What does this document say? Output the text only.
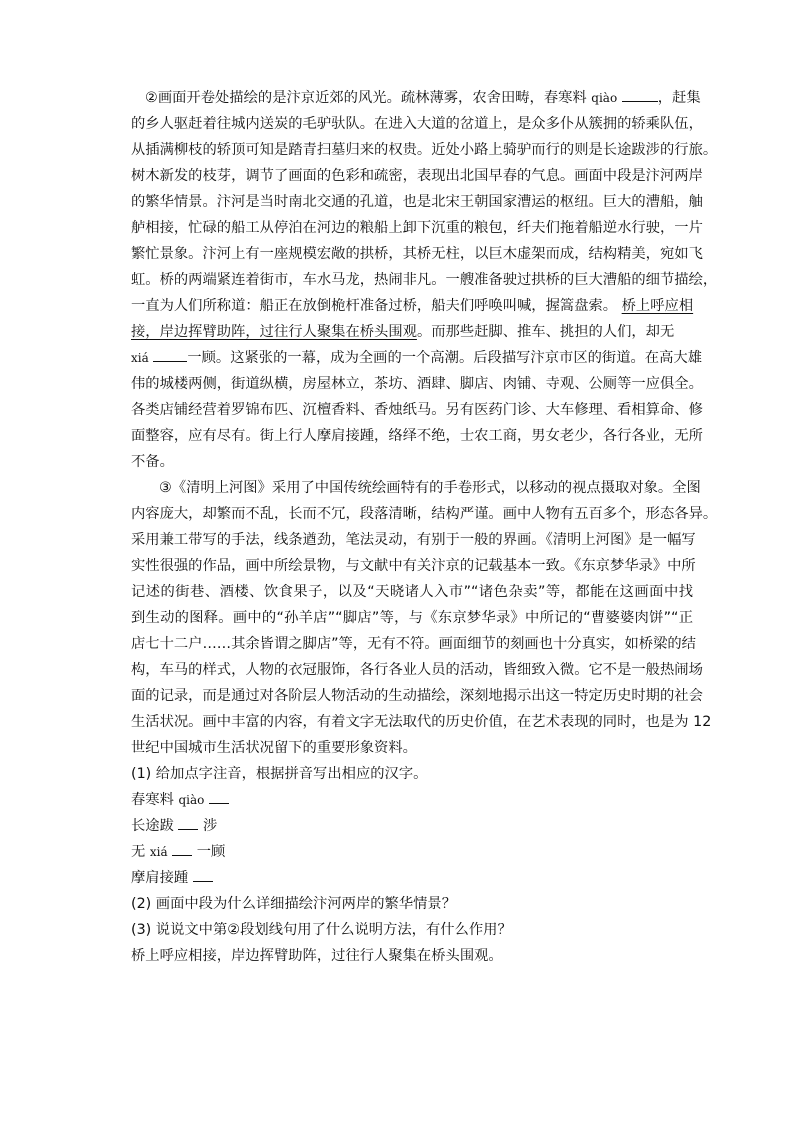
②画面开卷处描绘的是汴京近郊的风光。疏林薄雾，农舍田畴，春寒料 qiào	，赶集
的乡人驱赶着往城内送炭的毛驴驮队。在进入大道的岔道上，是众多仆从簇拥的轿乘队伍，
从插满柳枝的轿顶可知是踏青扫墓归来的权贵。近处小路上骑驴而行的则是长途跋涉的行旅。
树木新发的枝芽，调节了画面的色彩和疏密，表现出北国早春的气息。画面中段是汴河两岸
的繁华情景。汴河是当时南北交通的孔道，也是北宋王朝国家漕运的枢纽。巨大的漕船，舳
舻相接，忙碌的船工从停泊在河边的粮船上卸下沉重的粮包，纤夫们拖着船逆水行驶，一片
繁忙景象。汴河上有一座规模宏敞的拱桥，其桥无柱，以巨木虚架而成，结构精美，宛如飞
虹。桥的两端紧连着街市，车水马龙，热闹非凡。一艘准备驶过拱桥的巨大漕船的细节描绘，
一直为人们所称道：船正在放倒桅杆准备过桥，船夫们呼唤叫喊，握篙盘索。 桥上呼应相
接，岸边挥臂助阵，过往行人聚集在桥头围观。而那些赶脚、推车、挑担的人们，却无
xiá	一顾。这紧张的一幕，成为全画的一个高潮。后段描写汴京市区的街道。在高大雄
伟的城楼两侧，街道纵横，房屋林立，茶坊、酒肆、脚店、肉铺、寺观、公厕等一应俱全。
各类店铺经营着罗锦布匹、沉檀香料、香烛纸马。另有医药门诊、大车修理、看相算命、修
面整容，应有尽有。街上行人摩肩接踵，络绎不绝，士农工商，男女老少，各行各业，无所
不备。
③《清明上河图》采用了中国传统绘画特有的手卷形式，以移动的视点摄取对象。全图
内容庞大，却繁而不乱，长而不冗，段落清晰，结构严谨。画中人物有五百多个，形态各异。
采用兼工带写的手法，线条遒劲，笔法灵动，有别于一般的界画。《清明上河图》是一幅写
实性很强的作品，画中所绘景物，与文献中有关汴京的记载基本一致。《东京梦华录》中所
记述的街巷、酒楼、饮食果子，以及“天晓诸人入市”“诸色杂卖”等，都能在这画面中找
到生动的图释。画中的“孙羊店”“脚店”等，与《东京梦华录》中所记的“曹婆婆肉饼”“正
店七十二户……其余皆谓之脚店”等，无有不符。画面细节的刻画也十分真实，如桥梁的结
构，车马的样式，人物的衣冠服饰，各行各业人员的活动，皆细致入微。它不是一般热闹场
面的记录，而是通过对各阶层人物活动的生动描绘，深刻地揭示出这一特定历史时期的社会
生活状况。画中丰富的内容，有着文字无法取代的历史价值，在艺术表现的同时，也是为 12
世纪中国城市生活状况留下的重要形象资料。
(1) 给加点字注音，根据拼音写出相应的汉字。
春寒料 qiào
长途跋 涉
无 xiá 一顾
摩肩接踵
(2) 画面中段为什么详细描绘汴河两岸的繁华情景？
(3) 说说文中第②段划线句用了什么说明方法，有什么作用？
桥上呼应相接，岸边挥臂助阵，过往行人聚集在桥头围观。
